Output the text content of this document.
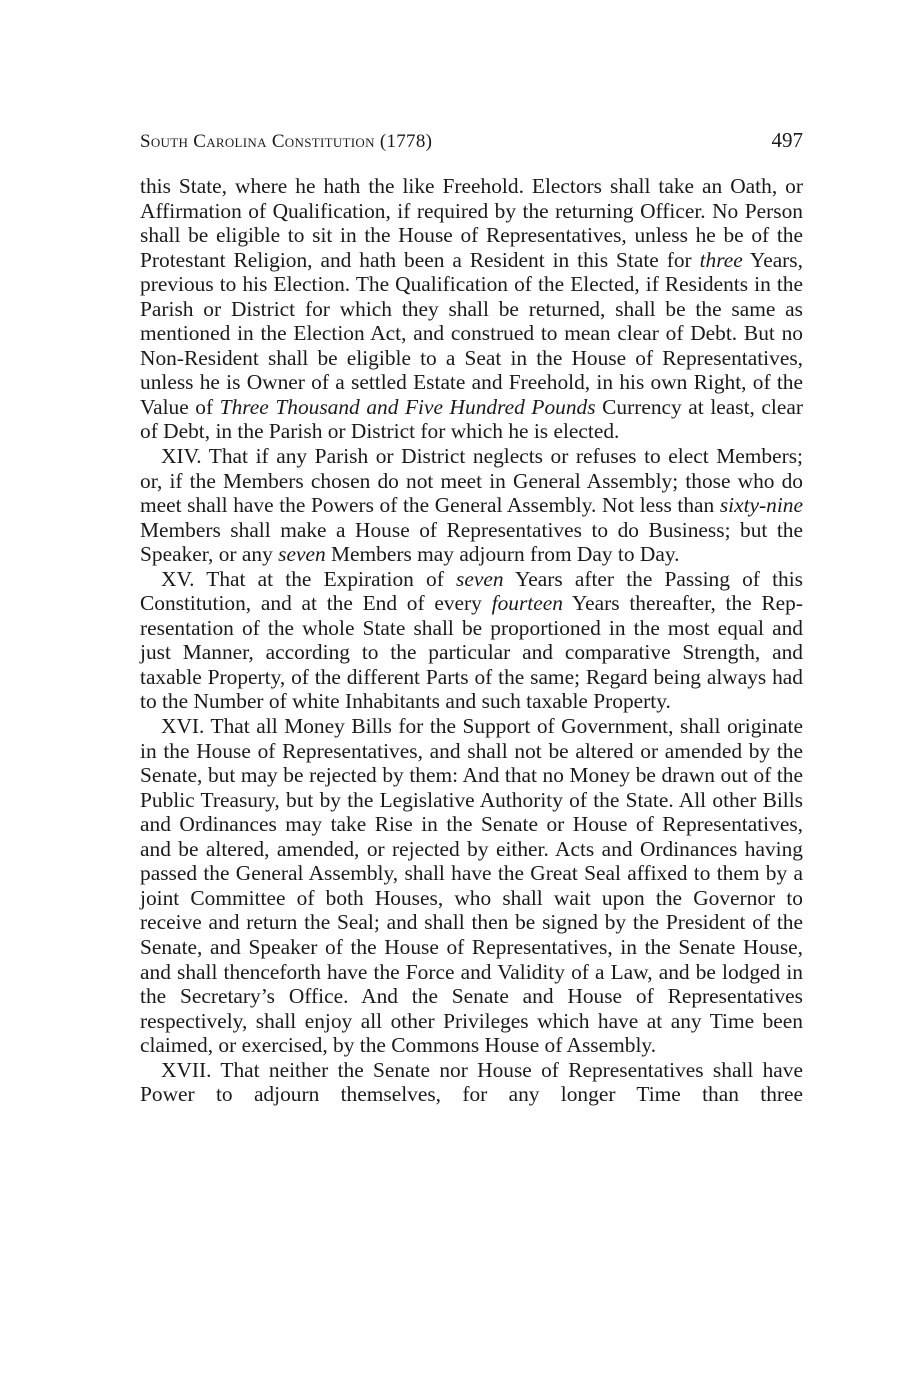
South Carolina Constitution (1778)	497

this State, where he hath the like Freehold. Electors shall take an Oath, or Affirmation of Qualification, if required by the returning Officer. No Person shall be eligible to sit in the House of Representatives, unless he be of the Protestant Religion, and hath been a Resident in this State for three Years, previous to his Election. The Qualification of the Elected, if Residents in the Parish or District for which they shall be returned, shall be the same as mentioned in the Election Act, and construed to mean clear of Debt. But no Non-Resident shall be eligible to a Seat in the House of Representatives, unless he is Owner of a settled Estate and Freehold, in his own Right, of the Value of Three Thousand and Five Hundred Pounds Currency at least, clear of Debt, in the Parish or District for which he is elected.

XIV. That if any Parish or District neglects or refuses to elect Members; or, if the Members chosen do not meet in General Assembly; those who do meet shall have the Powers of the General Assembly. Not less than sixty-nine Members shall make a House of Representatives to do Business; but the Speaker, or any seven Members may adjourn from Day to Day.

XV. That at the Expiration of seven Years after the Passing of this Constitution, and at the End of every fourteen Years thereafter, the Representation of the whole State shall be proportioned in the most equal and just Manner, according to the particular and comparative Strength, and taxable Property, of the different Parts of the same; Regard being always had to the Number of white Inhabitants and such taxable Property.

XVI. That all Money Bills for the Support of Government, shall originate in the House of Representatives, and shall not be altered or amended by the Senate, but may be rejected by them: And that no Money be drawn out of the Public Treasury, but by the Legislative Authority of the State. All other Bills and Ordinances may take Rise in the Senate or House of Representatives, and be altered, amended, or rejected by either. Acts and Ordinances having passed the General Assembly, shall have the Great Seal affixed to them by a joint Committee of both Houses, who shall wait upon the Governor to receive and return the Seal; and shall then be signed by the President of the Senate, and Speaker of the House of Representatives, in the Senate House, and shall thenceforth have the Force and Validity of a Law, and be lodged in the Secretary’s Office. And the Senate and House of Representatives respectively, shall enjoy all other Privileges which have at any Time been claimed, or exercised, by the Commons House of Assembly.

XVII. That neither the Senate nor House of Representatives shall have Power to adjourn themselves, for any longer Time than three
